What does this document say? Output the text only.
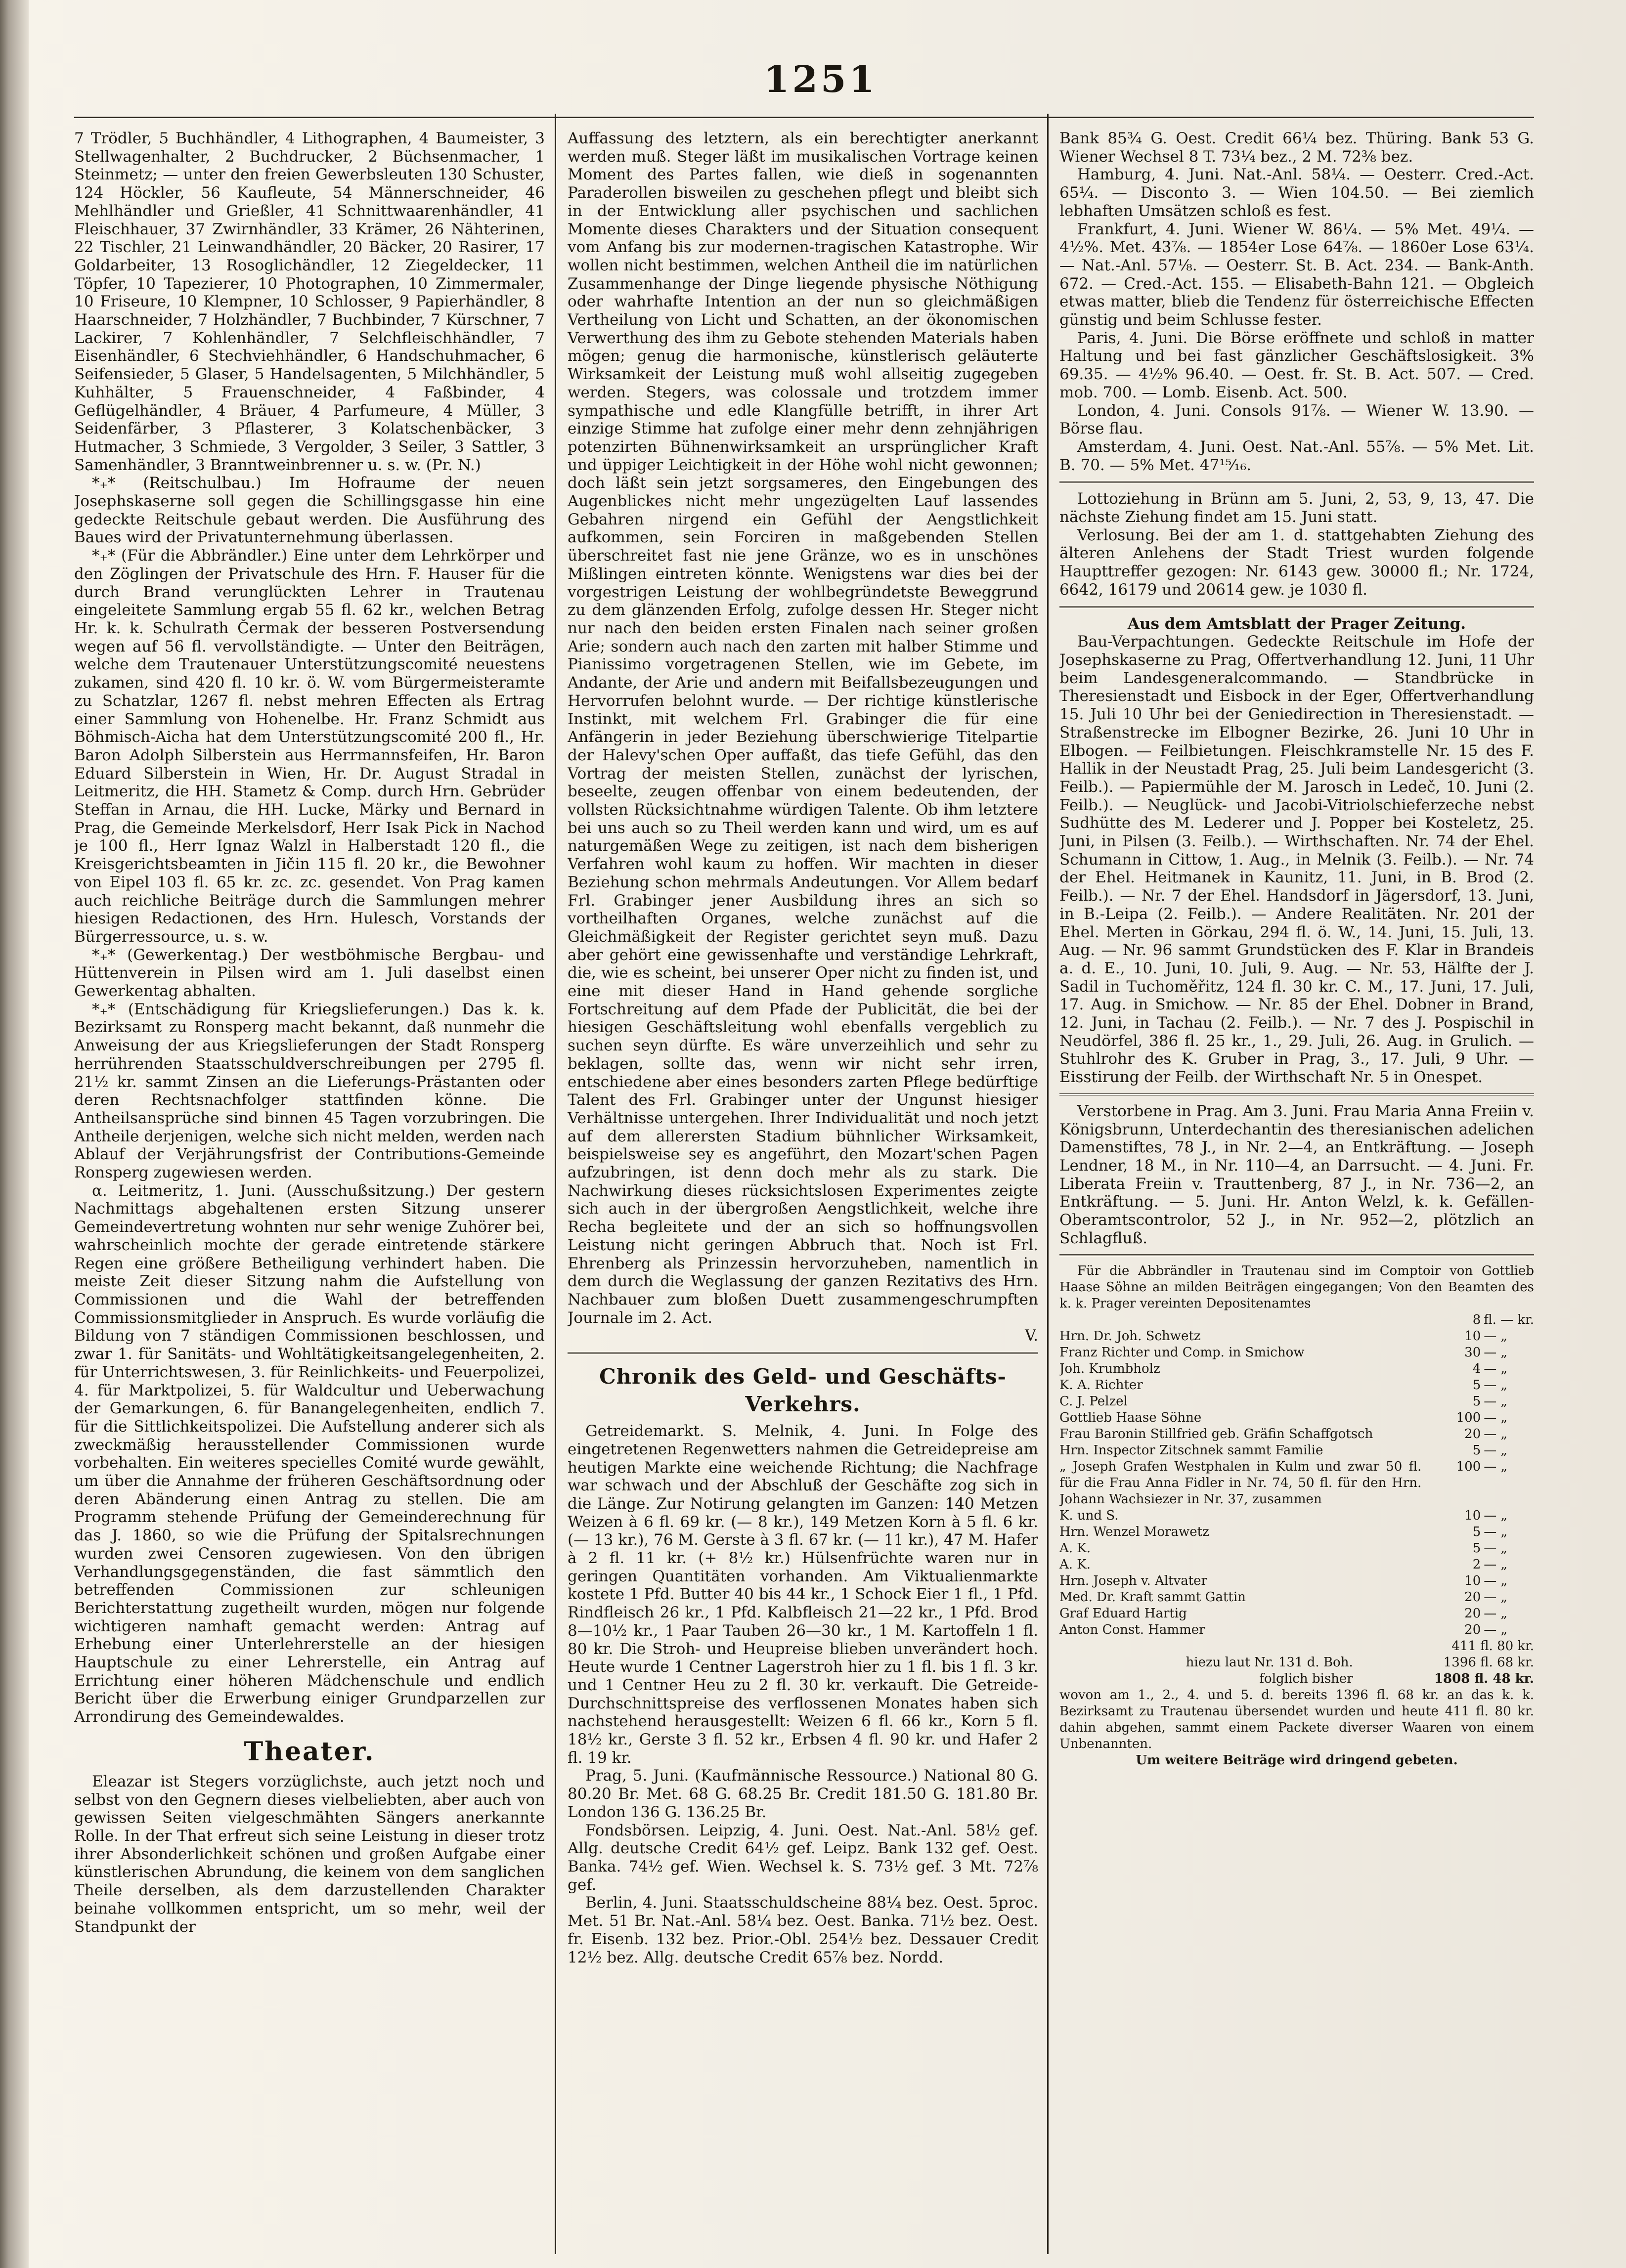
1251

7 Trödler, 5 Buchhändler, 4 Lithographen, 4 Baumeister, 3 Stellwagenhalter, 2 Buchdrucker, 2 Büchsenmacher, 1 Steinmetz; — unter den freien Gewerbsleuten 130 Schuster, 124 Höckler, 56 Kaufleute, 54 Männerschneider, 46 Mehlhändler und Grießler, 41 Schnittwaarenhändler, 41 Fleischhauer, 37 Zwirnhändler, 33 Krämer, 26 Nähterinen, 22 Tischler, 21 Leinwandhändler, 20 Bäcker, 20 Rasirer, 17 Goldarbeiter, 13 Rosoglichändler, 12 Ziegeldecker, 11 Töpfer, 10 Tapezierer, 10 Photographen, 10 Zimmermaler, 10 Friseure, 10 Klempner, 10 Schlosser, 9 Papierhändler, 8 Haarschneider, 7 Holzhändler, 7 Buchbinder, 7 Kürschner, 7 Lackirer, 7 Kohlenhändler, 7 Selchfleischhändler, 7 Eisenhändler, 6 Stechviehhändler, 6 Handschuhmacher, 6 Seifensieder, 5 Glaser, 5 Handelsagenten, 5 Milchhändler, 5 Kuhhälter, 5 Frauenschneider, 4 Faßbinder, 4 Geflügelhändler, 4 Bräuer, 4 Parfumeure, 4 Müller, 3 Seidenfärber, 3 Pflasterer, 3 Kolatschenbäcker, 3 Hutmacher, 3 Schmiede, 3 Vergolder, 3 Seiler, 3 Sattler, 3 Samenhändler, 3 Branntweinbrenner u. s. w. (Pr. N.)

*₊* (Reitschulbau.) Im Hofraume der neuen Josephskaserne soll gegen die Schillingsgasse hin eine gedeckte Reitschule gebaut werden. Die Ausführung des Baues wird der Privatunternehmung überlassen.

*₊* (Für die Abbrändler.) Eine unter dem Lehrkörper und den Zöglingen der Privatschule des Hrn. F. Hauser für die durch Brand verunglückten Lehrer in Trautenau eingeleitete Sammlung ergab 55 fl. 62 kr., welchen Betrag Hr. k. k. Schulrath Čermak der besseren Postversendung wegen auf 56 fl. vervollständigte. — Unter den Beiträgen, welche dem Trautenauer Unterstützungscomité neuestens zukamen, sind 420 fl. 10 kr. ö. W. vom Bürgermeisteramte zu Schatzlar, 1267 fl. nebst mehren Effecten als Ertrag einer Sammlung von Hohenelbe. Hr. Franz Schmidt aus Böhmisch-Aicha hat dem Unterstützungscomité 200 fl., Hr. Baron Adolph Silberstein aus Herrmannsfeifen, Hr. Baron Eduard Silberstein in Wien, Hr. Dr. August Stradal in Leitmeritz, die HH. Stametz & Comp. durch Hrn. Gebrüder Steffan in Arnau, die HH. Lucke, Märky und Bernard in Prag, die Gemeinde Merkelsdorf, Herr Isak Pick in Nachod je 100 fl., Herr Ignaz Walzl in Halberstadt 120 fl., die Kreisgerichtsbeamten in Jičin 115 fl. 20 kr., die Bewohner von Eipel 103 fl. 65 kr. zc. zc. gesendet. Von Prag kamen auch reichliche Beiträge durch die Sammlungen mehrer hiesigen Redactionen, des Hrn. Hulesch, Vorstands der Bürgerressource, u. s. w.

*₊* (Gewerkentag.) Der westböhmische Bergbau- und Hüttenverein in Pilsen wird am 1. Juli daselbst einen Gewerkentag abhalten.

*₊* (Entschädigung für Kriegslieferungen.) Das k. k. Bezirksamt zu Ronsperg macht bekannt, daß nunmehr die Anweisung der aus Kriegslieferungen der Stadt Ronsperg herrührenden Staatsschuldverschreibungen per 2795 fl. 21½ kr. sammt Zinsen an die Lieferungs-Prästanten oder deren Rechtsnachfolger stattfinden könne. Die Antheilsansprüche sind binnen 45 Tagen vorzubringen. Die Antheile derjenigen, welche sich nicht melden, werden nach Ablauf der Verjährungsfrist der Contributions-Gemeinde Ronsperg zugewiesen werden.

α. Leitmeritz, 1. Juni. (Ausschußsitzung.) Der gestern Nachmittags abgehaltenen ersten Sitzung unserer Gemeindevertretung wohnten nur sehr wenige Zuhörer bei, wahrscheinlich mochte der gerade eintretende stärkere Regen eine größere Betheiligung verhindert haben. Die meiste Zeit dieser Sitzung nahm die Aufstellung von Commissionen und die Wahl der betreffenden Commissionsmitglieder in Anspruch. Es wurde vorläufig die Bildung von 7 ständigen Commissionen beschlossen, und zwar 1. für Sanitäts- und Wohltätigkeitsangelegenheiten, 2. für Unterrichtswesen, 3. für Reinlichkeits- und Feuerpolizei, 4. für Marktpolizei, 5. für Waldcultur und Ueberwachung der Gemarkungen, 6. für Banangelegenheiten, endlich 7. für die Sittlichkeitspolizei. Die Aufstellung anderer sich als zweckmäßig herausstellender Commissionen wurde vorbehalten. Ein weiteres specielles Comité wurde gewählt, um über die Annahme der früheren Geschäftsordnung oder deren Abänderung einen Antrag zu stellen. Die am Programm stehende Prüfung der Gemeinderechnung für das J. 1860, so wie die Prüfung der Spitalsrechnungen wurden zwei Censoren zugewiesen. Von den übrigen Verhandlungsgegenständen, die fast sämmtlich den betreffenden Commissionen zur schleunigen Berichterstattung zugetheilt wurden, mögen nur folgende wichtigeren namhaft gemacht werden: Antrag auf Erhebung einer Unterlehrerstelle an der hiesigen Hauptschule zu einer Lehrerstelle, ein Antrag auf Errichtung einer höheren Mädchenschule und endlich Bericht über die Erwerbung einiger Grundparzellen zur Arrondirung des Gemeindewaldes.

Theater.

Eleazar ist Stegers vorzüglichste, auch jetzt noch und selbst von den Gegnern dieses vielbeliebten, aber auch von gewissen Seiten vielgeschmähten Sängers anerkannte Rolle. In der That erfreut sich seine Leistung in dieser trotz ihrer Absonderlichkeit schönen und großen Aufgabe einer künstlerischen Abrundung, die keinem von dem sanglichen Theile derselben, als dem darzustellenden Charakter beinahe vollkommen entspricht, um so mehr, weil der Standpunkt der

Auffassung des letztern, als ein berechtigter anerkannt werden muß. Steger läßt im musikalischen Vortrage keinen Moment des Partes fallen, wie dieß in sogenannten Paraderollen bisweilen zu geschehen pflegt und bleibt sich in der Entwicklung aller psychischen und sachlichen Momente dieses Charakters und der Situation consequent vom Anfang bis zur modernen-tragischen Katastrophe. Wir wollen nicht bestimmen, welchen Antheil die im natürlichen Zusammenhange der Dinge liegende physische Nöthigung oder wahrhafte Intention an der nun so gleichmäßigen Vertheilung von Licht und Schatten, an der ökonomischen Verwerthung des ihm zu Gebote stehenden Materials haben mögen; genug die harmonische, künstlerisch geläuterte Wirksamkeit der Leistung muß wohl allseitig zugegeben werden. Stegers, was colossale und trotzdem immer sympathische und edle Klangfülle betrifft, in ihrer Art einzige Stimme hat zufolge einer mehr denn zehnjährigen potenzirten Bühnenwirksamkeit an ursprünglicher Kraft und üppiger Leichtigkeit in der Höhe wohl nicht gewonnen; doch läßt sein jetzt sorgsameres, den Eingebungen des Augenblickes nicht mehr ungezügelten Lauf lassendes Gebahren nirgend ein Gefühl der Aengstlichkeit aufkommen, sein Forciren in maßgebenden Stellen überschreitet fast nie jene Gränze, wo es in unschönes Mißlingen eintreten könnte. Wenigstens war dies bei der vorgestrigen Leistung der wohlbegründetste Beweggrund zu dem glänzenden Erfolg, zufolge dessen Hr. Steger nicht nur nach den beiden ersten Finalen nach seiner großen Arie; sondern auch nach den zarten mit halber Stimme und Pianissimo vorgetragenen Stellen, wie im Gebete, im Andante, der Arie und andern mit Beifallsbezeugungen und Hervorrufen belohnt wurde. — Der richtige künstlerische Instinkt, mit welchem Frl. Grabinger die für eine Anfängerin in jeder Beziehung überschwierige Titelpartie der Halevy'schen Oper auffaßt, das tiefe Gefühl, das den Vortrag der meisten Stellen, zunächst der lyrischen, beseelte, zeugen offenbar von einem bedeutenden, der vollsten Rücksichtnahme würdigen Talente. Ob ihm letztere bei uns auch so zu Theil werden kann und wird, um es auf naturgemäßen Wege zu zeitigen, ist nach dem bisherigen Verfahren wohl kaum zu hoffen. Wir machten in dieser Beziehung schon mehrmals Andeutungen. Vor Allem bedarf Frl. Grabinger jener Ausbildung ihres an sich so vortheilhaften Organes, welche zunächst auf die Gleichmäßigkeit der Register gerichtet seyn muß. Dazu aber gehört eine gewissenhafte und verständige Lehrkraft, die, wie es scheint, bei unserer Oper nicht zu finden ist, und eine mit dieser Hand in Hand gehende sorgliche Fortschreitung auf dem Pfade der Publicität, die bei der hiesigen Geschäftsleitung wohl ebenfalls vergeblich zu suchen seyn dürfte. Es wäre unverzeihlich und sehr zu beklagen, sollte das, wenn wir nicht sehr irren, entschiedene aber eines besonders zarten Pflege bedürftige Talent des Frl. Grabinger unter der Ungunst hiesiger Verhältnisse untergehen. Ihrer Individualität und noch jetzt auf dem allerersten Stadium bühnlicher Wirksamkeit, beispielsweise sey es angeführt, den Mozart'schen Pagen aufzubringen, ist denn doch mehr als zu stark. Die Nachwirkung dieses rücksichtslosen Experimentes zeigte sich auch in der übergroßen Aengstlichkeit, welche ihre Recha begleitete und der an sich so hoffnungsvollen Leistung nicht geringen Abbruch that. Noch ist Frl. Ehrenberg als Prinzessin hervorzuheben, namentlich in dem durch die Weglassung der ganzen Rezitativs des Hrn. Nachbauer zum bloßen Duett zusammengeschrumpften Journale im 2. Act.

V.

Chronik des Geld- und Geschäfts-Verkehrs.

Getreidemarkt. S. Melnik, 4. Juni. In Folge des eingetretenen Regenwetters nahmen die Getreidepreise am heutigen Markte eine weichende Richtung; die Nachfrage war schwach und der Abschluß der Geschäfte zog sich in die Länge. Zur Notirung gelangten im Ganzen: 140 Metzen Weizen à 6 fl. 69 kr. (— 8 kr.), 149 Metzen Korn à 5 fl. 6 kr. (— 13 kr.), 76 M. Gerste à 3 fl. 67 kr. (— 11 kr.), 47 M. Hafer à 2 fl. 11 kr. (+ 8½ kr.) Hülsenfrüchte waren nur in geringen Quantitäten vorhanden. Am Viktualienmarkte kostete 1 Pfd. Butter 40 bis 44 kr., 1 Schock Eier 1 fl., 1 Pfd. Rindfleisch 26 kr., 1 Pfd. Kalbfleisch 21—22 kr., 1 Pfd. Brod 8—10½ kr., 1 Paar Tauben 26—30 kr., 1 M. Kartoffeln 1 fl. 80 kr. Die Stroh- und Heupreise blieben unverändert hoch. Heute wurde 1 Centner Lagerstroh hier zu 1 fl. bis 1 fl. 3 kr. und 1 Centner Heu zu 2 fl. 30 kr. verkauft. Die Getreide-Durchschnittspreise des verflossenen Monates haben sich nachstehend herausgestellt: Weizen 6 fl. 66 kr., Korn 5 fl. 18½ kr., Gerste 3 fl. 52 kr., Erbsen 4 fl. 90 kr. und Hafer 2 fl. 19 kr.

Prag, 5. Juni. (Kaufmännische Ressource.) National 80 G. 80.20 Br. Met. 68 G. 68.25 Br. Credit 181.50 G. 181.80 Br. London 136 G. 136.25 Br.

Fondsbörsen. Leipzig, 4. Juni. Oest. Nat.-Anl. 58½ gef. Allg. deutsche Credit 64½ gef. Leipz. Bank 132 gef. Oest. Banka. 74½ gef. Wien. Wechsel k. S. 73½ gef. 3 Mt. 72⅞ gef.

Berlin, 4. Juni. Staatsschuldscheine 88¼ bez. Oest. 5proc. Met. 51 Br. Nat.-Anl. 58¼ bez. Oest. Banka. 71½ bez. Oest. fr. Eisenb. 132 bez. Prior.-Obl. 254½ bez. Dessauer Credit 12½ bez. Allg. deutsche Credit 65⅞ bez. Nordd.

Bank 85¾ G. Oest. Credit 66¼ bez. Thüring. Bank 53 G. Wiener Wechsel 8 T. 73¼ bez., 2 M. 72⅜ bez.

Hamburg, 4. Juni. Nat.-Anl. 58¼. — Oesterr. Cred.-Act. 65¼. — Disconto 3. — Wien 104.50. — Bei ziemlich lebhaften Umsätzen schloß es fest.

Frankfurt, 4. Juni. Wiener W. 86¼. — 5% Met. 49¼. — 4½%. Met. 43⅞. — 1854er Lose 64⅞. — 1860er Lose 63¼. — Nat.-Anl. 57⅛. — Oesterr. St. B. Act. 234. — Bank-Anth. 672. — Cred.-Act. 155. — Elisabeth-Bahn 121. — Obgleich etwas matter, blieb die Tendenz für österreichische Effecten günstig und beim Schlusse fester.

Paris, 4. Juni. Die Börse eröffnete und schloß in matter Haltung und bei fast gänzlicher Geschäftslosigkeit. 3% 69.35. — 4½% 96.40. — Oest. fr. St. B. Act. 507. — Cred. mob. 700. — Lomb. Eisenb. Act. 500.

London, 4. Juni. Consols 91⅞. — Wiener W. 13.90. — Börse flau.

Amsterdam, 4. Juni. Oest. Nat.-Anl. 55⅞. — 5% Met. Lit. B. 70. — 5% Met. 47¹⁵⁄₁₆.

Lottoziehung in Brünn am 5. Juni, 2, 53, 9, 13, 47. Die nächste Ziehung findet am 15. Juni statt.

Verlosung. Bei der am 1. d. stattgehabten Ziehung des älteren Anlehens der Stadt Triest wurden folgende Haupttreffer gezogen: Nr. 6143 gew. 30000 fl.; Nr. 1724, 6642, 16179 und 20614 gew. je 1030 fl.

Aus dem Amtsblatt der Prager Zeitung.

Bau-Verpachtungen. Gedeckte Reitschule im Hofe der Josephskaserne zu Prag, Offertverhandlung 12. Juni, 11 Uhr beim Landesgeneralcommando. — Standbrücke in Theresienstadt und Eisbock in der Eger, Offertverhandlung 15. Juli 10 Uhr bei der Geniedirection in Theresienstadt. — Straßenstrecke im Elbogner Bezirke, 26. Juni 10 Uhr in Elbogen. — Feilbietungen. Fleischkramstelle Nr. 15 des F. Hallik in der Neustadt Prag, 25. Juli beim Landesgericht (3. Feilb.). — Papiermühle der M. Jarosch in Ledeč, 10. Juni (2. Feilb.). — Neuglück- und Jacobi-Vitriolschieferzeche nebst Sudhütte des M. Lederer und J. Popper bei Kosteletz, 25. Juni, in Pilsen (3. Feilb.). — Wirthschaften. Nr. 74 der Ehel. Schumann in Cittow, 1. Aug., in Melnik (3. Feilb.). — Nr. 74 der Ehel. Heitmanek in Kaunitz, 11. Juni, in B. Brod (2. Feilb.). — Nr. 7 der Ehel. Handsdorf in Jägersdorf, 13. Juni, in B.-Leipa (2. Feilb.). — Andere Realitäten. Nr. 201 der Ehel. Merten in Görkau, 294 fl. ö. W., 14. Juni, 15. Juli, 13. Aug. — Nr. 96 sammt Grundstücken des F. Klar in Brandeis a. d. E., 10. Juni, 10. Juli, 9. Aug. — Nr. 53, Hälfte der J. Sadil in Tuchoměřitz, 124 fl. 30 kr. C. M., 17. Juni, 17. Juli, 17. Aug. in Smichow. — Nr. 85 der Ehel. Dobner in Brand, 12. Juni, in Tachau (2. Feilb.). — Nr. 7 des J. Pospischil in Neudörfel, 386 fl. 25 kr., 1., 29. Juli, 26. Aug. in Grulich. — Stuhlrohr des K. Gruber in Prag, 3., 17. Juli, 9 Uhr. — Eisstirung der Feilb. der Wirthschaft Nr. 5 in Onespet.

Verstorbene in Prag. Am 3. Juni. Frau Maria Anna Freiin v. Königsbrunn, Unterdechantin des theresianischen adelichen Damenstiftes, 78 J., in Nr. 2—4, an Entkräftung. — Joseph Lendner, 18 M., in Nr. 110—4, an Darrsucht. — 4. Juni. Fr. Liberata Freiin v. Trauttenberg, 87 J., in Nr. 736—2, an Entkräftung. — 5. Juni. Hr. Anton Welzl, k. k. Gefällen-Oberamtscontrolor, 52 J., in Nr. 952—2, plötzlich an Schlagfluß.

Für die Abbrändler in Trautenau sind im Comptoir von Gottlieb Haase Söhne an milden Beiträgen eingegangen; Von den Beamten des k. k. Prager vereinten Depositenamtes

	8	fl. — kr.
Hrn. Dr. Joh. Schwetz	10	— „
Franz Richter und Comp. in Smichow	30	— „
Joh. Krumbholz	4	— „
K. A. Richter	5	— „
C. J. Pelzel	5	— „
Gottlieb Haase Söhne	100	— „
Frau Baronin Stillfried geb. Gräfin Schaffgotsch	20	— „
Hrn. Inspector Zitschnek sammt Familie	5	— „
„ Joseph Grafen Westphalen in Kulm und zwar 50 fl. für die Frau Anna Fidler in Nr. 74, 50 fl. für den Hrn. Johann Wachsiezer in Nr. 37, zusammen	100	— „
K. und S.	10	— „
Hrn. Wenzel Morawetz	5	— „
A. K.	5	— „
A. K.	2	— „
Hrn. Joseph v. Altvater	10	— „
Med. Dr. Kraft sammt Gattin	20	— „
Graf Eduard Hartig	20	— „
Anton Const. Hammer	20	— „
	411 fl. 80 kr.
hiezu laut Nr. 131 d. Boh.	1396 fl. 68 kr.
folglich bisher	1808 fl. 48 kr.

wovon am 1., 2., 4. und 5. d. bereits 1396 fl. 68 kr. an das k. k. Bezirksamt zu Trautenau übersendet wurden und heute 411 fl. 80 kr. dahin abgehen, sammt einem Packete diverser Waaren von einem Unbenannten.

Um weitere Beiträge wird dringend gebeten.
